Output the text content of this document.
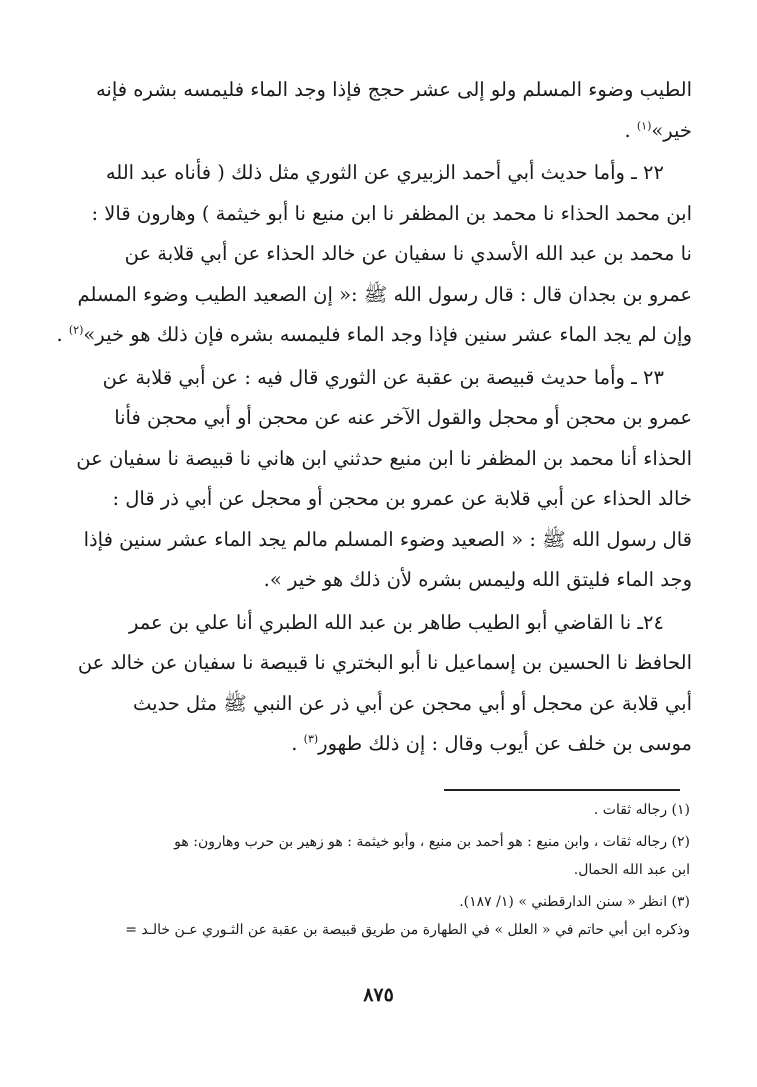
الطيب وضوء المسلم ولو إلى عشر حجج فإذا وجد الماء فليمسه بشره فإنه
خير»$^{(١)}$ .
٢٢ ـ وأما حديث أبي أحمد الزبيري عن الثوري مثل ذلك ( فأناه عبد الله
ابن محمد الحذاء نا محمد بن المظفر نا ابن منيع نا أبو خيثمة ) وهارون قالا :
نا محمد بن عبد الله الأسدي نا سفيان عن خالد الحذاء عن أبي قلابة عن
عمرو بن بجدان قال : قال رسول الله ﷺ :« إن الصعيد الطيب وضوء المسلم
وإن لم يجد الماء عشر سنين فإذا وجد الماء فليمسه بشره فإن ذلك هو خير»$^{(٢)}$ .
٢٣ ـ وأما حديث قبيصة بن عقبة عن الثوري قال فيه : عن أبي قلابة عن
عمرو بن محجن أو محجل والقول الآخر عنه عن محجن أو أبي محجن فأنا
الحذاء أنا محمد بن المظفر نا ابن منيع حدثني ابن هاني نا قبيصة نا سفيان عن
خالد الحذاء عن أبي قلابة عن عمرو بن محجن أو محجل عن أبي ذر قال :
قال رسول الله ﷺ : « الصعيد وضوء المسلم مالم يجد الماء عشر سنين فإذا
وجد الماء فليتق الله وليمس بشره لأن ذلك هو خير ».
٢٤ـ نا القاضي أبو الطيب طاهر بن عبد الله الطبري أنا علي بن عمر
الحافظ نا الحسين بن إسماعيل نا أبو البختري نا قبيصة نا سفيان عن خالد عن
أبي قلابة عن محجل أو أبي محجن عن أبي ذر عن النبي ﷺ مثل حديث
موسى بن خلف عن أيوب وقال : إن ذلك طهور$^{(٣)}$ .
(١) رجاله ثقات .
(٢) رجاله ثقات ، وابن منيع : هو أحمد بن منيع ، وأبو خيثمة : هو زهير بن حرب وهارون: هو
ابن عبد الله الحمال.
(٣) انظر « سنن الدارقطني » (١/ ١٨٧).
وذكره ابن أبي حاتم في « العلل » في الطهارة من طريق قبيصة بن عقبة عن الثـوري عـن خالـد =
٨٧٥
